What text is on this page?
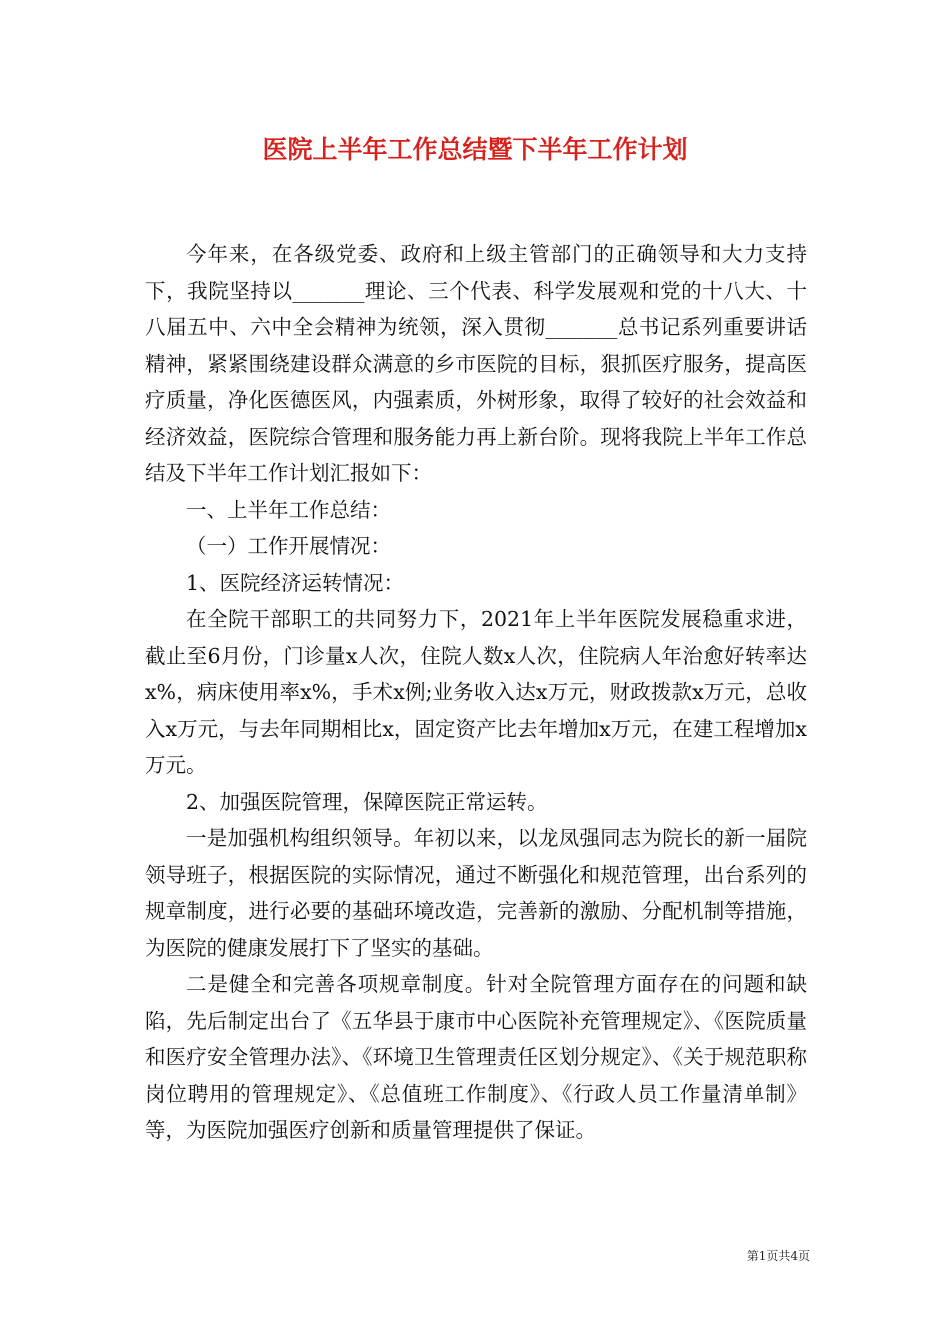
医院上半年工作总结暨下半年工作计划

今年来，在各级党委、政府和上级主管部门的正确领导和大力支持下，我院坚持以_______理论、三个代表、科学发展观和党的十八大、十八届五中、六中全会精神为统领，深入贯彻_______总书记系列重要讲话精神，紧紧围绕建设群众满意的乡市医院的目标，狠抓医疗服务，提高医疗质量，净化医德医风，内强素质，外树形象，取得了较好的社会效益和经济效益，医院综合管理和服务能力再上新台阶。现将我院上半年工作总结及下半年工作计划汇报如下：

一、上半年工作总结：

（一）工作开展情况：

1、医院经济运转情况：

在全院干部职工的共同努力下，2021年上半年医院发展稳重求进，截止至6月份，门诊量x人次，住院人数x人次，住院病人年治愈好转率达x%，病床使用率x%，手术x例;业务收入达x万元，财政拨款x万元，总收入x万元，与去年同期相比x，固定资产比去年增加x万元，在建工程增加x万元。

2、加强医院管理，保障医院正常运转。

一是加强机构组织领导。年初以来，以龙凤强同志为院长的新一届院领导班子，根据医院的实际情况，通过不断强化和规范管理，出台系列的规章制度，进行必要的基础环境改造，完善新的激励、分配机制等措施，为医院的健康发展打下了坚实的基础。

二是健全和完善各项规章制度。针对全院管理方面存在的问题和缺陷，先后制定出台了《五华县于康市中心医院补充管理规定》、《医院质量和医疗安全管理办法》、《环境卫生管理责任区划分规定》、《关于规范职称岗位聘用的管理规定》、《总值班工作制度》、《行政人员工作量清单制》等，为医院加强医疗创新和质量管理提供了保证。

第1页共4页
